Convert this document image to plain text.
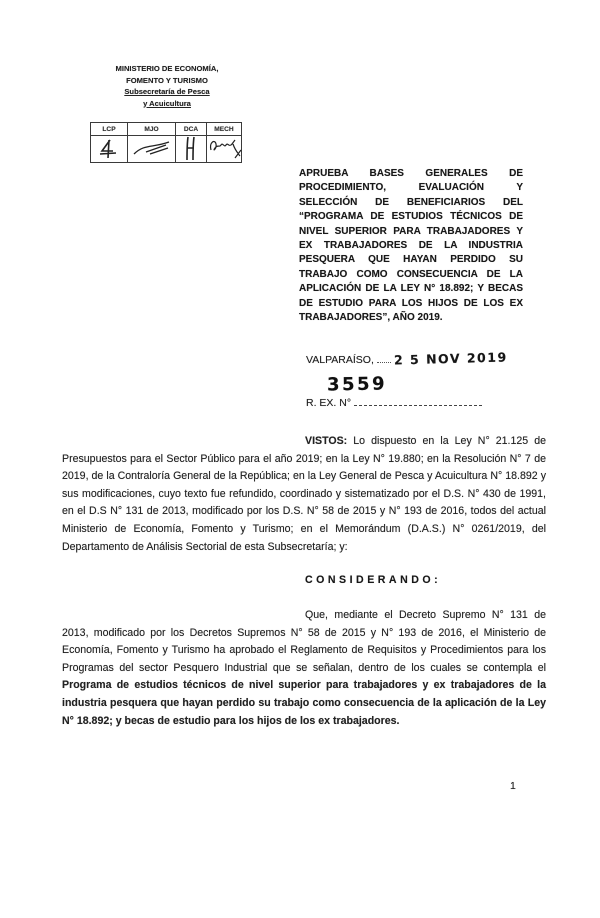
MINISTERIO DE ECONOMÍA,
FOMENTO Y TURISMO
Subsecretaría de Pesca
y Acuicultura
LCP	MJO	DCA	MECH

APRUEBA BASES GENERALES DE PROCEDIMIENTO, EVALUACIÓN Y SELECCIÓN DE BENEFICIARIOS DEL “PROGRAMA DE ESTUDIOS TÉCNICOS DE NIVEL SUPERIOR PARA TRABAJADORES Y EX TRABAJADORES DE LA INDUSTRIA PESQUERA QUE HAYAN PERDIDO SU TRABAJO COMO CONSECUENCIA DE LA APLICACIÓN DE LA LEY N° 18.892; Y BECAS DE ESTUDIO PARA LOS HIJOS DE LOS EX TRABAJADORES”, AÑO 2019.
VALPARAÍSO, 2 5 NOV 2019
R. EX. N°
3559
VISTOS: Lo dispuesto en la Ley N° 21.125 de Presupuestos para el Sector Público para el año 2019; en la Ley N° 19.880; en la Resolución N° 7 de 2019, de la Contraloría General de la República; en la Ley General de Pesca y Acuicultura N° 18.892 y sus modificaciones, cuyo texto fue refundido, coordinado y sistematizado por el D.S. N° 430 de 1991, en el D.S N° 131 de 2013, modificado por los D.S. N° 58 de 2015 y N° 193 de 2016, todos del actual Ministerio de Economía, Fomento y Turismo; en el Memorándum (D.A.S.) N° 0261/2019, del Departamento de Análisis Sectorial de esta Subsecretaría; y:
CONSIDERANDO:
Que, mediante el Decreto Supremo N° 131 de 2013, modificado por los Decretos Supremos N° 58 de 2015 y N° 193 de 2016, el Ministerio de Economía, Fomento y Turismo ha aprobado el Reglamento de Requisitos y Procedimientos para los Programas del sector Pesquero Industrial que se señalan, dentro de los cuales se contempla el Programa de estudios técnicos de nivel superior para trabajadores y ex trabajadores de la industria pesquera que hayan perdido su trabajo como consecuencia de la aplicación de la Ley N° 18.892; y becas de estudio para los hijos de los ex trabajadores.
1
